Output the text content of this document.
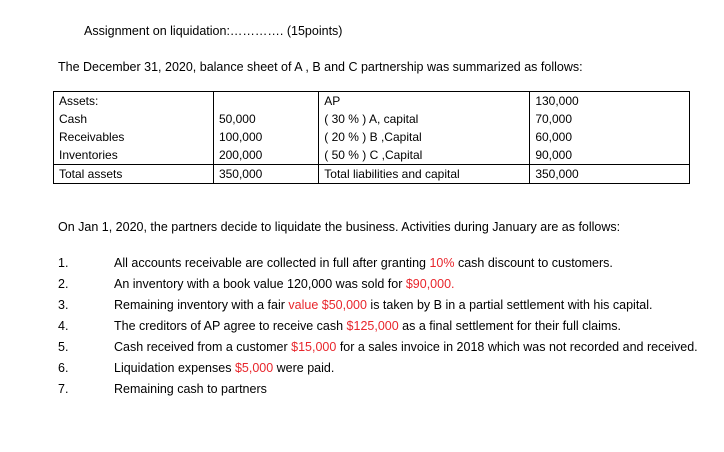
Assignment on liquidation:…………. (15points)
The December 31, 2020, balance sheet of A , B and C partnership was summarized as follows:
Assets:		AP	130,000
Cash	50,000	( 30 % ) A, capital	70,000
Receivables	100,000	( 20 % ) B ,Capital	60,000
Inventories	200,000	( 50 % ) C ,Capital	90,000
Total assets	350,000	Total liabilities and capital	350,000
On Jan 1, 2020, the partners decide to liquidate the business. Activities during January are as follows:
1.	All accounts receivable are collected in full after granting 10% cash discount to customers.
2.	An inventory with a book value 120,000 was sold for $90,000.
3.	Remaining inventory with a fair value $50,000 is taken by B in a partial settlement with his capital.
4.	The creditors of AP agree to receive cash $125,000 as a final settlement for their full claims.
5.	Cash received from a customer $15,000 for a sales invoice in 2018 which was not recorded and received.
6.	Liquidation expenses $5,000 were paid.
7.	Remaining cash to partners
